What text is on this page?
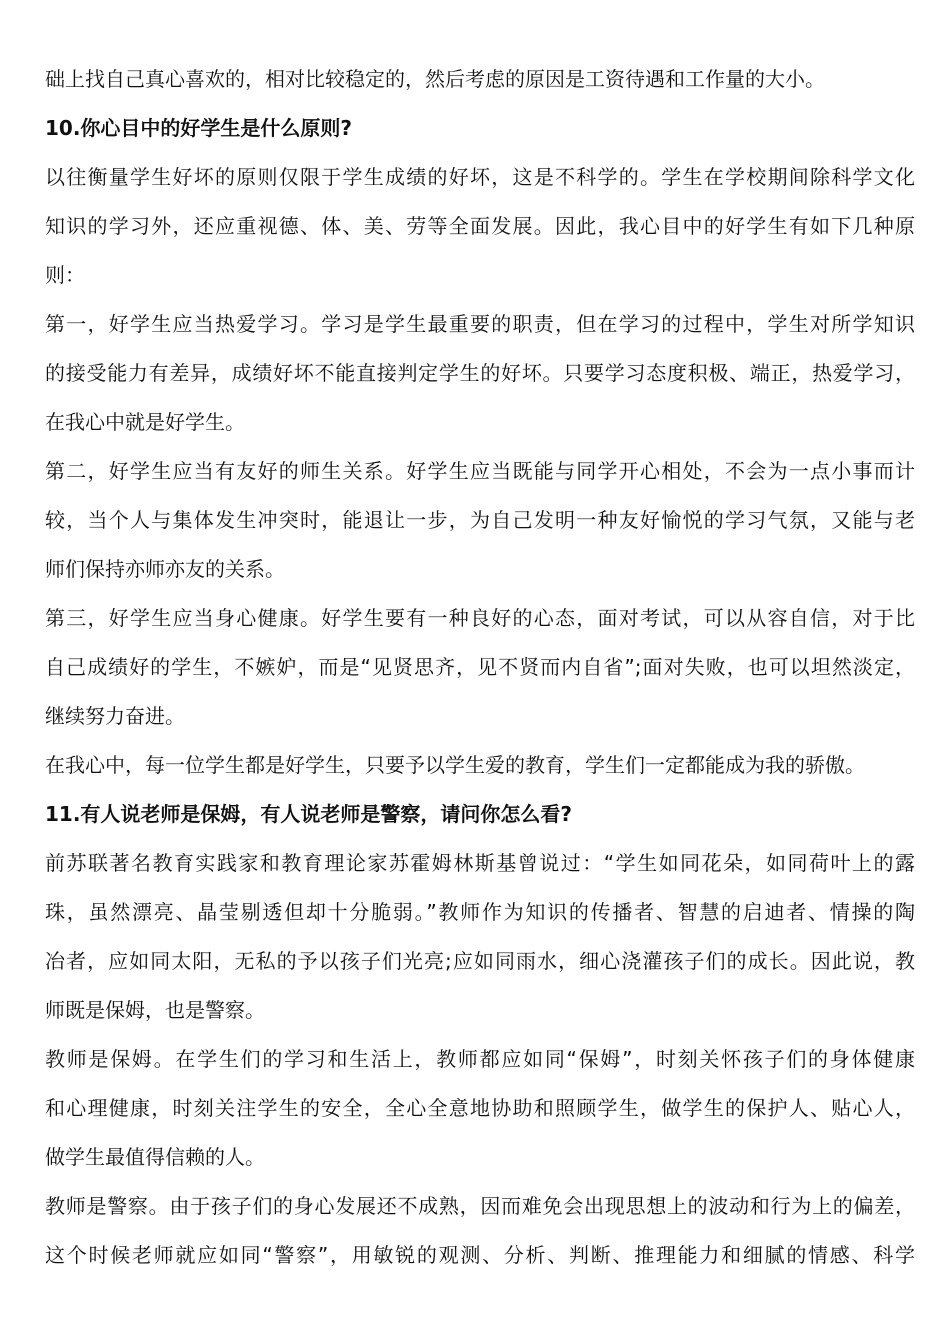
础上找自己真心喜欢的，相对比较稳定的，然后考虑的原因是工资待遇和工作量的大小。
10.你心目中的好学生是什么原则?
以往衡量学生好坏的原则仅限于学生成绩的好坏，这是不科学的。学生在学校期间除科学文化
知识的学习外，还应重视德、体、美、劳等全面发展。因此，我心目中的好学生有如下几种原
则：
第一，好学生应当热爱学习。学习是学生最重要的职责，但在学习的过程中，学生对所学知识
的接受能力有差异，成绩好坏不能直接判定学生的好坏。只要学习态度积极、端正，热爱学习，
在我心中就是好学生。
第二，好学生应当有友好的师生关系。好学生应当既能与同学开心相处，不会为一点小事而计
较，当个人与集体发生冲突时，能退让一步，为自己发明一种友好愉悦的学习气氛，又能与老
师们保持亦师亦友的关系。
第三，好学生应当身心健康。好学生要有一种良好的心态，面对考试，可以从容自信，对于比
自己成绩好的学生，不嫉妒，而是“见贤思齐，见不贤而内自省”;面对失败，也可以坦然淡定，
继续努力奋进。
在我心中，每一位学生都是好学生，只要予以学生爱的教育，学生们一定都能成为我的骄傲。
11.有人说老师是保姆，有人说老师是警察，请问你怎么看?
前苏联著名教育实践家和教育理论家苏霍姆林斯基曾说过：“学生如同花朵，如同荷叶上的露
珠，虽然漂亮、晶莹剔透但却十分脆弱。”教师作为知识的传播者、智慧的启迪者、情操的陶
冶者，应如同太阳，无私的予以孩子们光亮;应如同雨水，细心浇灌孩子们的成长。因此说，教
师既是保姆，也是警察。
教师是保姆。在学生们的学习和生活上，教师都应如同“保姆”，时刻关怀孩子们的身体健康
和心理健康，时刻关注学生的安全，全心全意地协助和照顾学生，做学生的保护人、贴心人，
做学生最值得信赖的人。
教师是警察。由于孩子们的身心发展还不成熟，因而难免会出现思想上的波动和行为上的偏差，
这个时候老师就应如同“警察”，用敏锐的观测、分析、判断、推理能力和细腻的情感、科学
